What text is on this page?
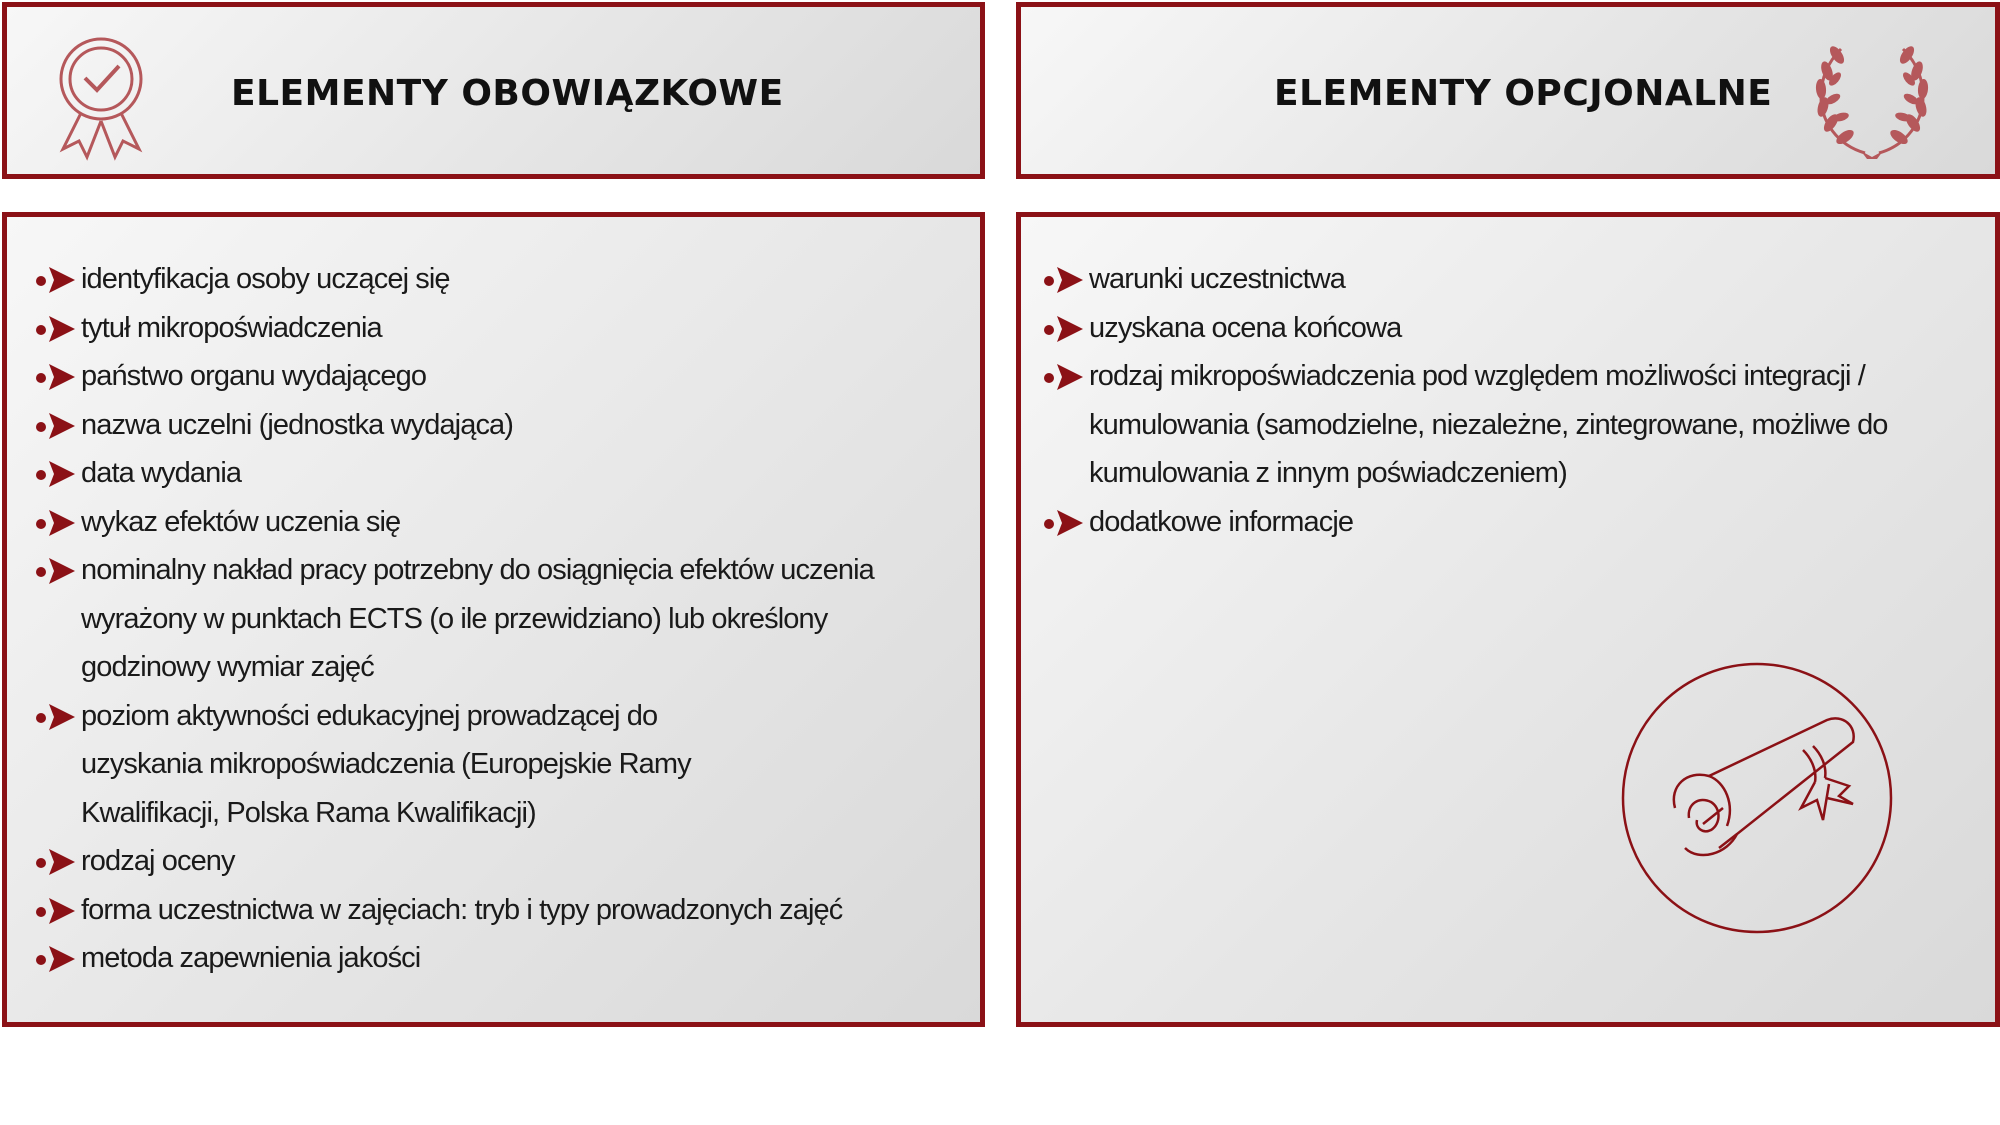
ELEMENTY OBOWIĄZKOWE	ELEMENTY OPCJONALNE
identyfikacja osoby uczącej się
tytuł mikropoświadczenia
państwo organu wydającego
nazwa uczelni (jednostka wydająca)
data wydania
wykaz efektów uczenia się
nominalny nakład pracy potrzebny do osiągnięcia efektów uczenia wyrażony w punktach ECTS (o ile przewidziano) lub określony godzinowy wymiar zajęć
poziom aktywności edukacyjnej prowadzącej do uzyskania mikropoświadczenia (Europejskie Ramy Kwalifikacji, Polska Rama Kwalifikacji)
rodzaj oceny
forma uczestnictwa w zajęciach: tryb i typy prowadzonych zajęć
metoda zapewnienia jakości
warunki uczestnictwa
uzyskana ocena końcowa
rodzaj mikropoświadczenia pod względem możliwości integracji / kumulowania (samodzielne, niezależne, zintegrowane, możliwe do kumulowania z innym poświadczeniem)
dodatkowe informacje
